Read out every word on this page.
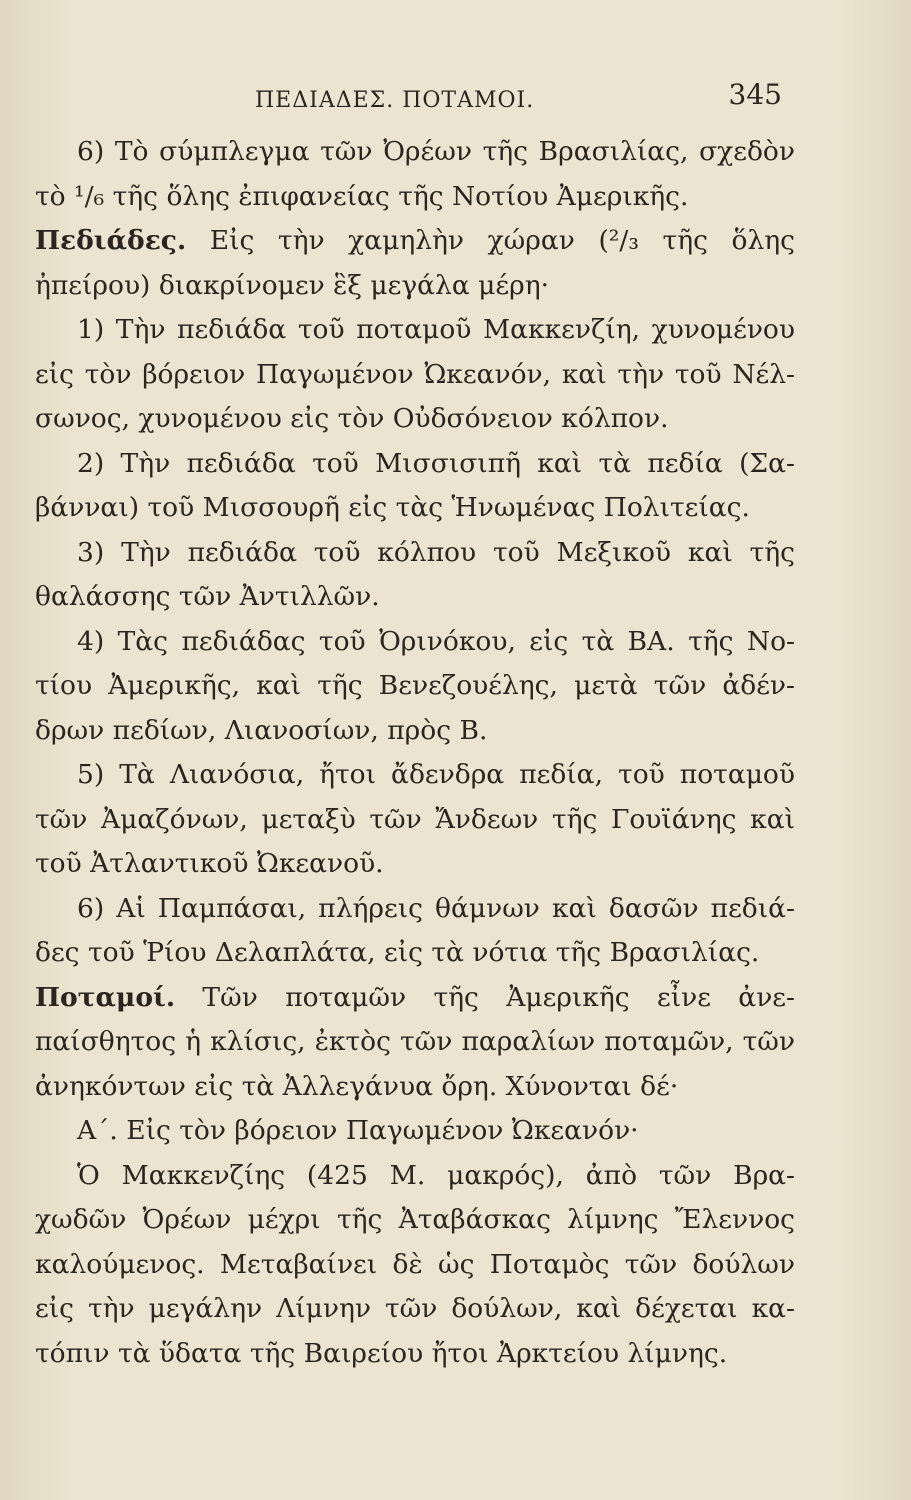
ΠΕΔΙΑΔΕΣ. ΠΟΤΑΜΟΙ.	345
6) Τὸ σύμπλεγμα τῶν Ὀρέων τῆς Βρασιλίας, σχεδὸν
τὸ ¹/₆ τῆς ὅλης ἐπιφανείας τῆς Νοτίου Ἀμερικῆς.
Πεδιάδες. Εἰς τὴν χαμηλὴν χώραν (²/₃ τῆς ὅλης
ἠπείρου) διακρίνομεν ἓξ μεγάλα μέρη·
1) Τὴν πεδιάδα τοῦ ποταμοῦ Μακκενζίη, χυνομένου
εἰς τὸν βόρειον Παγωμένον Ὠκεανόν, καὶ τὴν τοῦ Νέλ-
σωνος, χυνομένου εἰς τὸν Οὐδσόνειον κόλπον.
2) Τὴν πεδιάδα τοῦ Μισσισιπῆ καὶ τὰ πεδία (Σα-
βάνναι) τοῦ Μισσουρῆ εἰς τὰς Ἡνωμένας Πολιτείας.
3) Τὴν πεδιάδα τοῦ κόλπου τοῦ Μεξικοῦ καὶ τῆς
θαλάσσης τῶν Ἀντιλλῶν.
4) Τὰς πεδιάδας τοῦ Ὀρινόκου, εἰς τὰ ΒΑ. τῆς Νο-
τίου Ἀμερικῆς, καὶ τῆς Βενεζουέλης, μετὰ τῶν ἀδέν-
δρων πεδίων, Λιανοσίων, πρὸς Β.
5) Τὰ Λιανόσια, ἤτοι ἄδενδρα πεδία, τοῦ ποταμοῦ
τῶν Ἀμαζόνων, μεταξὺ τῶν Ἄνδεων τῆς Γουϊάνης καὶ
τοῦ Ἀτλαντικοῦ Ὠκεανοῦ.
6) Αἱ Παμπάσαι, πλήρεις θάμνων καὶ δασῶν πεδιά-
δες τοῦ Ῥίου Δελαπλάτα, εἰς τὰ νότια τῆς Βρασιλίας.
Ποταμοί. Τῶν ποταμῶν τῆς Ἀμερικῆς εἶνε ἀνε-
παίσθητος ἡ κλίσις, ἐκτὸς τῶν παραλίων ποταμῶν, τῶν
ἀνηκόντων εἰς τὰ Ἀλλεγάνυα ὄρη. Χύνονται δέ·
Α΄. Εἰς τὸν βόρειον Παγωμένον Ὠκεανόν·
Ὁ Μακκενζίης (425 Μ. μακρός), ἀπὸ τῶν Βρα-
χωδῶν Ὀρέων μέχρι τῆς Ἀταβάσκας λίμνης Ἔλεννος
καλούμενος. Μεταβαίνει δὲ ὡς Ποταμὸς τῶν δούλων
εἰς τὴν μεγάλην Λίμνην τῶν δούλων, καὶ δέχεται κα-
τόπιν τὰ ὕδατα τῆς Βαιρείου ἤτοι Ἀρκτείου λίμνης.
